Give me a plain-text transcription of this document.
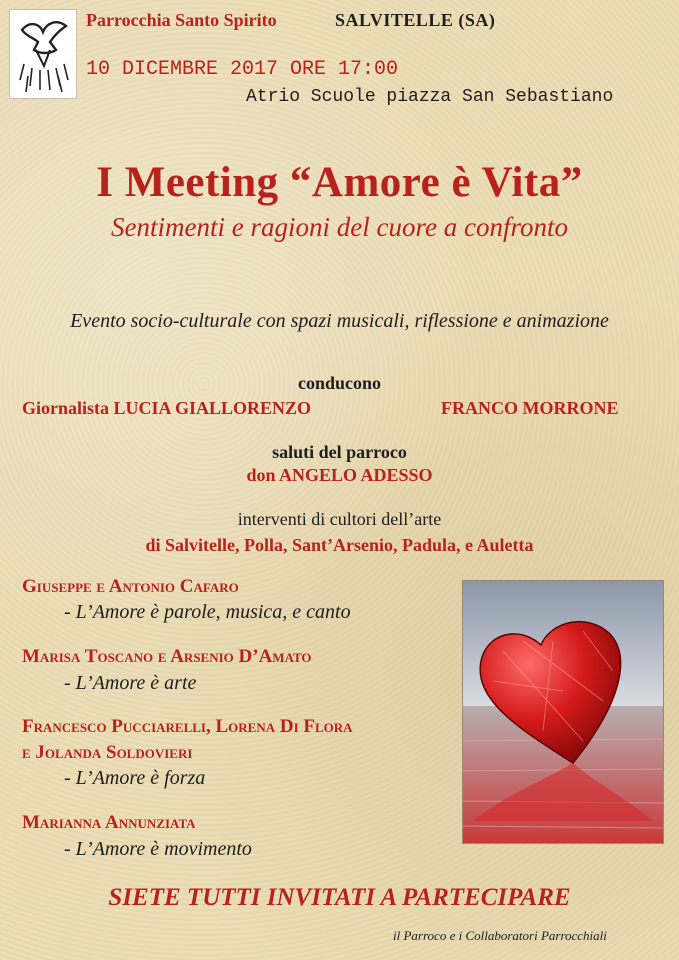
Parrocchia Santo Spirito	SALVITELLE (SA)
10 DICEMBRE 2017 ORE 17:00
Atrio Scuole piazza San Sebastiano
I Meeting “Amore è Vita”
Sentimenti e ragioni del cuore a confronto
Evento socio-culturale con spazi musicali, riflessione e animazione
conducono
Giornalista LUCIA GIALLORENZO	FRANCO MORRONE
saluti del parroco
don ANGELO ADESSO
interventi di cultori dell’arte
di Salvitelle, Polla, Sant’Arsenio, Padula, e Auletta
Giuseppe e Antonio Cafaro
- L’Amore è parole, musica, e canto
Marisa Toscano e Arsenio D’Amato
- L’Amore è arte
Francesco Pucciarelli, Lorena Di Flora
e Jolanda Soldovieri
- L’Amore è forza
Marianna Annunziata
- L’Amore è movimento
SIETE TUTTI INVITATI A PARTECIPARE
il Parroco e i Collaboratori Parrocchiali
